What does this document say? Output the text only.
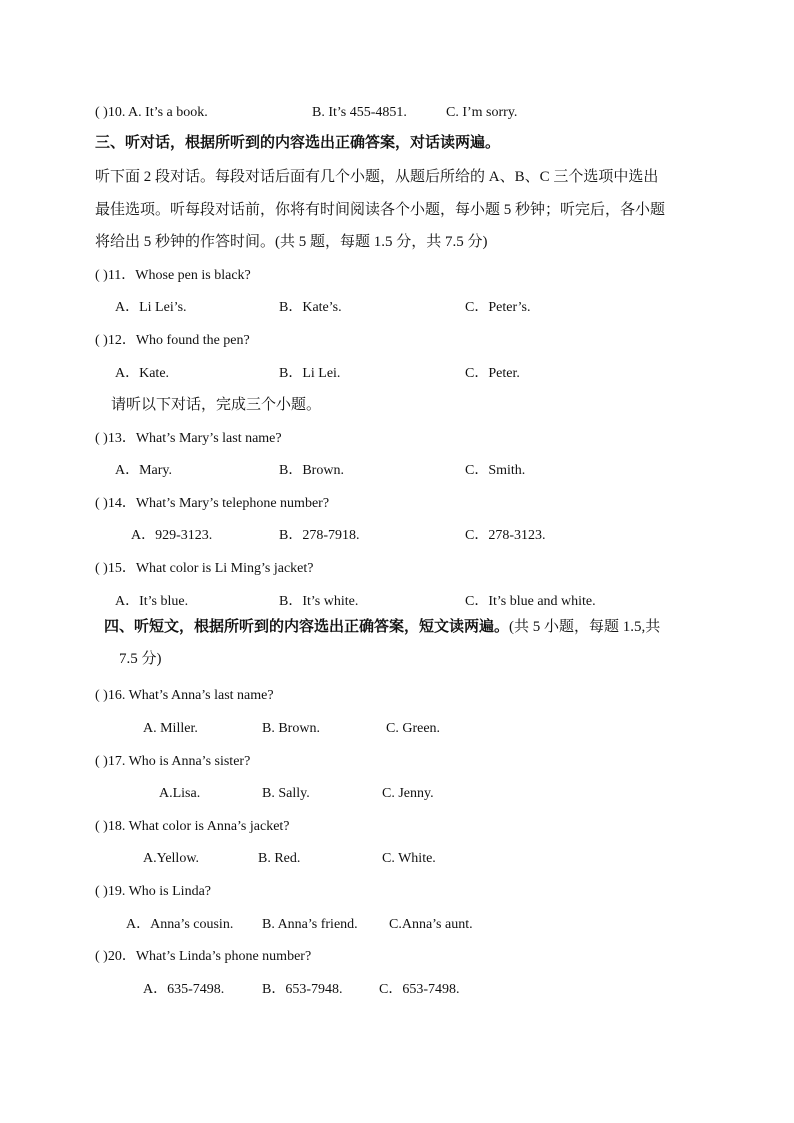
( )10. A. It’s a book.	B. It’s 455-4851.	C. I’m sorry.
三、听对话，根据所听到的内容选出正确答案，对话读两遍。
听下面 2 段对话。每段对话后面有几个小题，从题后所给的 A、B、C 三个选项中选出
最佳选项。听每段对话前，你将有时间阅读各个小题，每小题 5 秒钟；听完后，各小题
将给出 5 秒钟的作答时间。(共 5 题，每题 1.5 分，共 7.5 分)
( )11．Whose pen is black?
A．Li Lei’s.	B．Kate’s.	C．Peter’s.
( )12．Who found the pen?
A．Kate.	B．Li Lei.	C．Peter.
请听以下对话，完成三个小题。
( )13．What’s Mary’s last name?
A．Mary.	B．Brown.	C．Smith.
( )14．What’s Mary’s telephone number?
A．929-3123.	B．278-7918.	C．278-3123.
( )15．What color is Li Ming’s jacket?
A．It’s blue.	B．It’s white.	C．It’s blue and white.
四、听短文，根据所听到的内容选出正确答案，短文读两遍。(共 5 小题，每题 1.5,共
7.5 分)
( )16. What’s Anna’s last name?
A. Miller.	B. Brown.	C. Green.
( )17. Who is Anna’s sister?
A.Lisa.	B. Sally.	C. Jenny.
( )18. What color is Anna’s jacket?
A.Yellow.	B. Red.	C. White.
( )19. Who is Linda?
A．Anna’s cousin. B. Anna’s friend. C.Anna’s aunt.
( )20．What’s Linda’s phone number?
A．635-7498.	B．653-7948.	C．653-7498.
